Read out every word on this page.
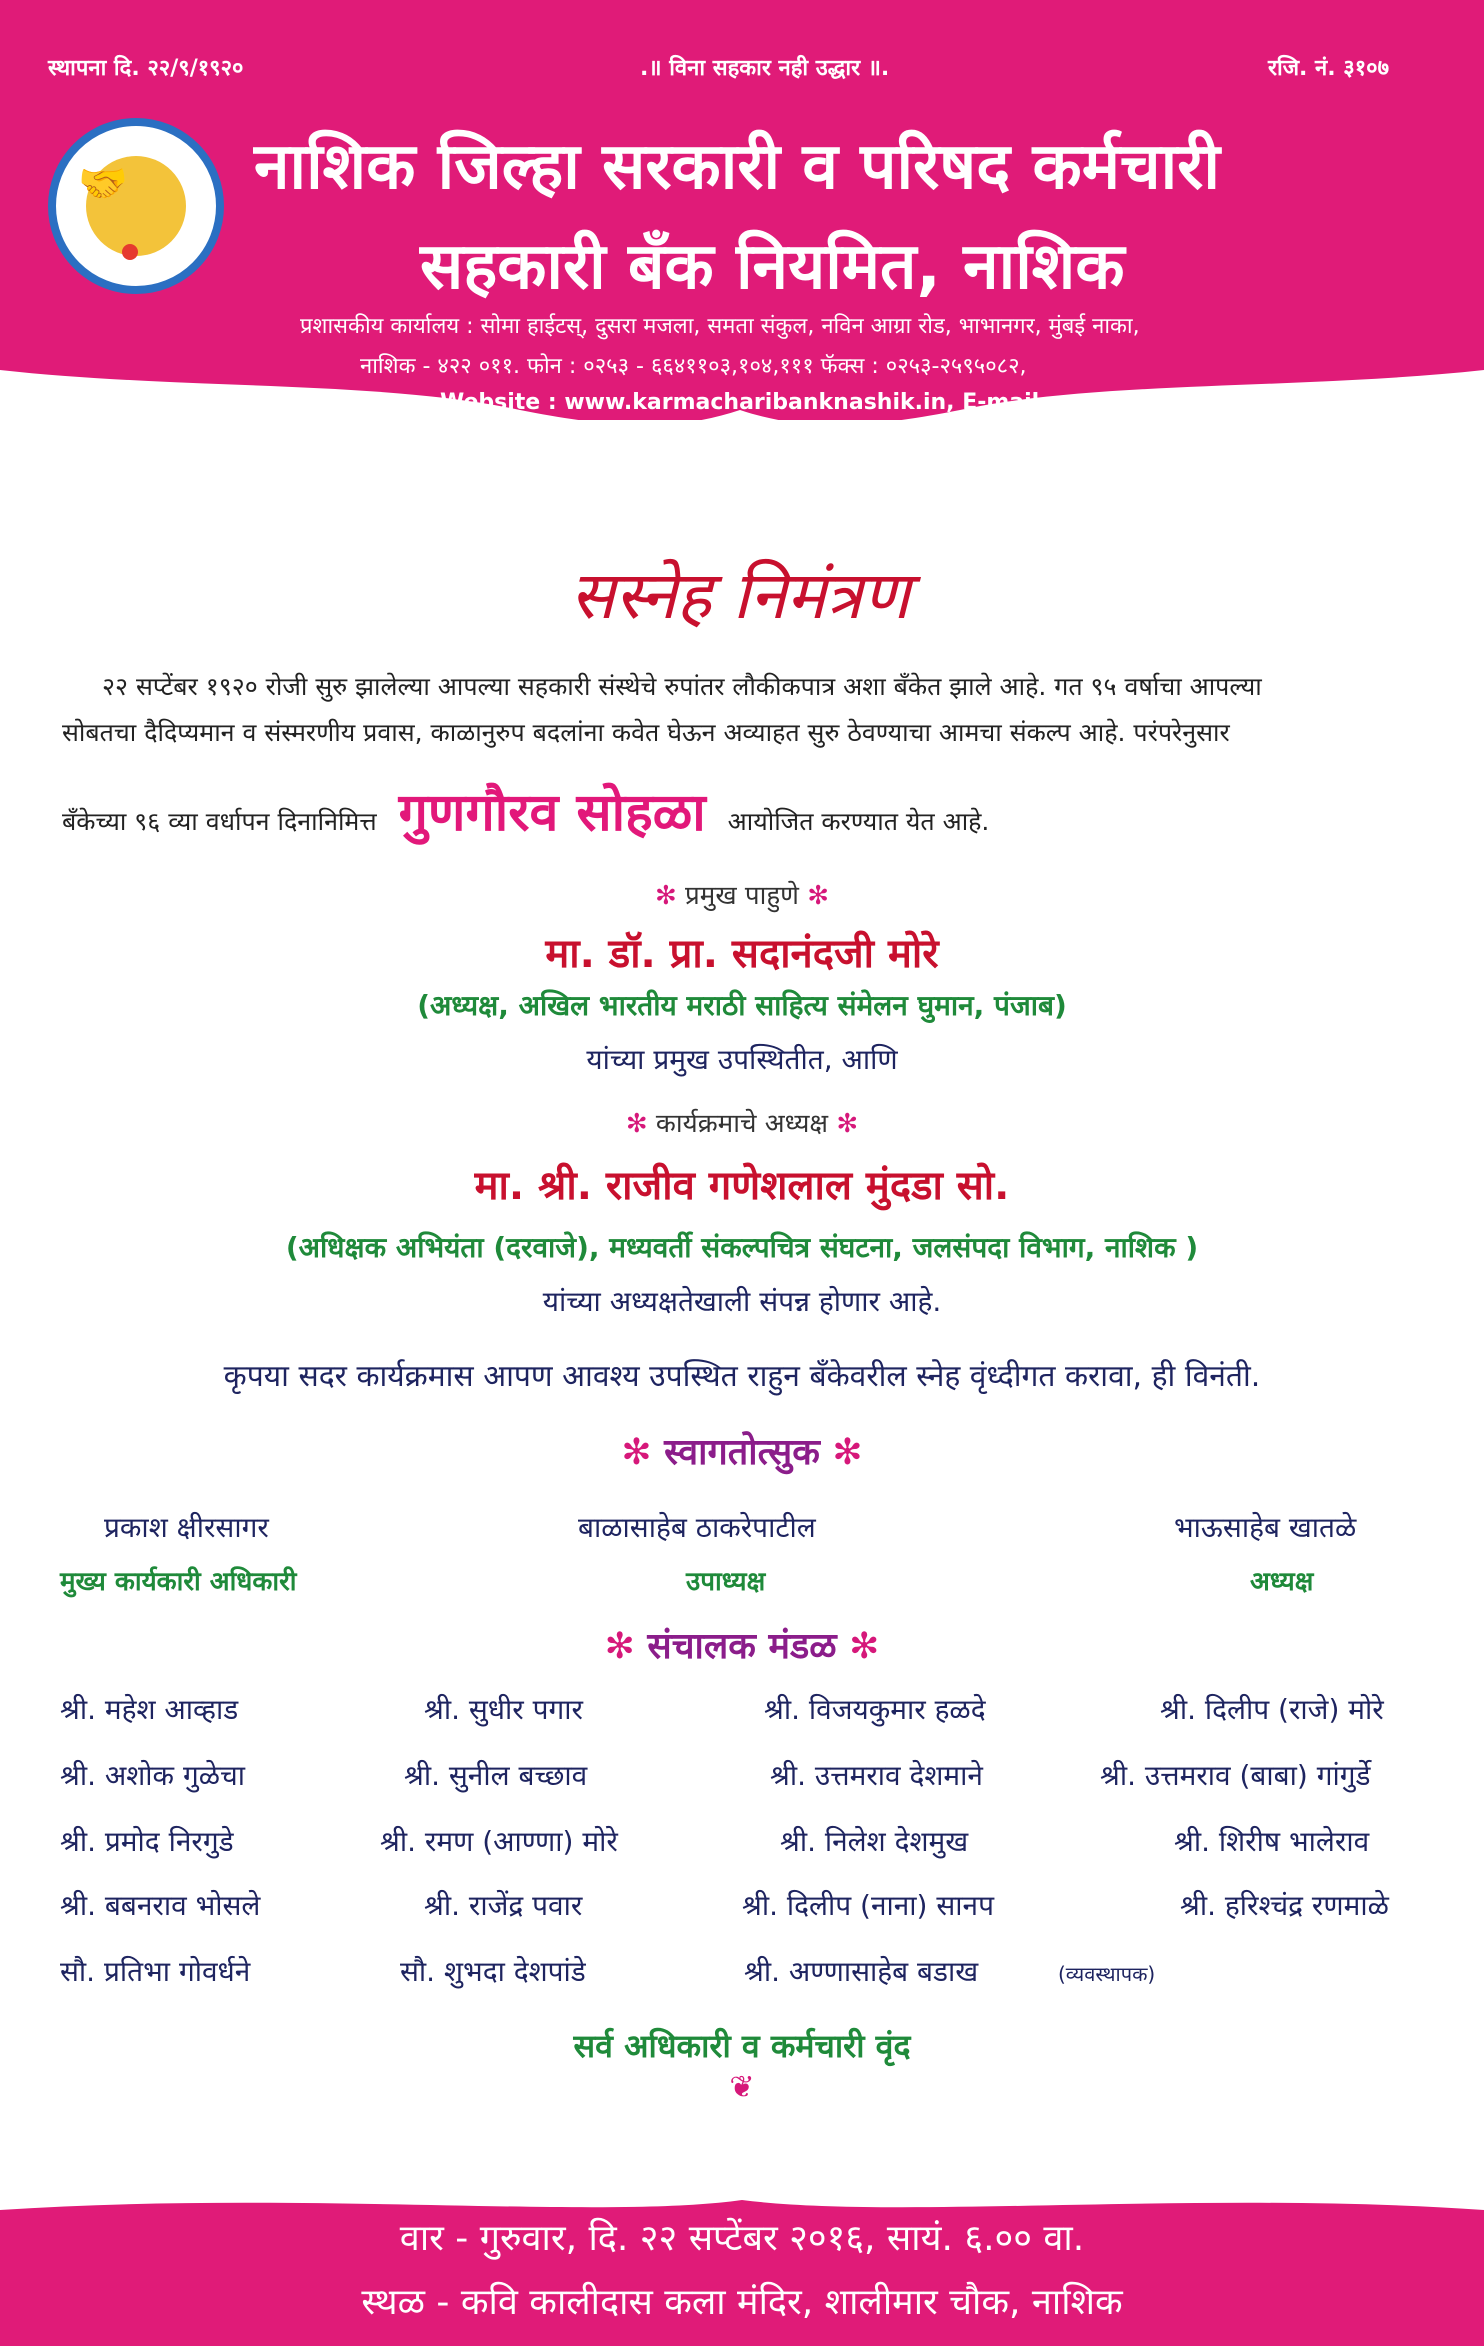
स्थापना दि. २२/९/१९२०	.॥ विना सहकार नही उद्धार ॥.	रजि. नं. ३१०७
🤝 नाशिक जिल्हा सरकारी व परिषद कर्मचारी
सहकारी बँक नियमित, नाशिक
प्रशासकीय कार्यालय : सोमा हाईटस्, दुसरा मजला, समता संकुल, नविन आग्रा रोड, भाभानगर, मुंबई नाका,
नाशिक - ४२२ ०११. फोन : ०२५३ - ६६४११०३,१०४,१११ फॅक्स : ०२५३-२५९५०८२,
Website : www.karmacharibanknashik.in, E-mail : nzspksbk@gmail.com
सस्नेह निमंत्रण
२२ सप्टेंबर १९२० रोजी सुरु झालेल्या आपल्या सहकारी संस्थेचे रुपांतर लौकीकपात्र अशा बँकेत झाले आहे. गत ९५ वर्षाचा आपल्या
सोबतचा दैदिप्यमान व संस्मरणीय प्रवास, काळानुरुप बदलांना कवेत घेऊन अव्याहत सुरु ठेवण्याचा आमचा संकल्प आहे. परंपरेनुसार
बँकेच्या ९६ व्या वर्धापन दिनानिमित्त गुणगौरव सोहळा आयोजित करण्यात येत आहे.
✻ प्रमुख पाहुणे ✻
मा. डॉ. प्रा. सदानंदजी मोरे
(अध्यक्ष, अखिल भारतीय मराठी साहित्य संमेलन घुमान, पंजाब)
यांच्या प्रमुख उपस्थितीत, आणि
✻ कार्यक्रमाचे अध्यक्ष ✻
मा. श्री. राजीव गणेशलाल मुंदडा सो.
(अधिक्षक अभियंता (दरवाजे), मध्यवर्ती संकल्पचित्र संघटना, जलसंपदा विभाग, नाशिक )
यांच्या अध्यक्षतेखाली संपन्न होणार आहे.
कृपया सदर कार्यक्रमास आपण आवश्य उपस्थित राहुन बँकेवरील स्नेह वृंध्दीगत करावा, ही विनंती.
✻ स्वागतोत्सुक ✻
प्रकाश क्षीरसागर
मुख्य कार्यकारी अधिकारी
बाळासाहेब ठाकरेपाटील
उपाध्यक्ष
भाऊसाहेब खातळे
अध्यक्ष
✻ संचालक मंडळ ✻
श्री. महेश आव्हाड	श्री. सुधीर पगार	श्री. विजयकुमार हळदे	श्री. दिलीप (राजे) मोरे
श्री. अशोक गुळेचा	श्री. सुनील बच्छाव	श्री. उत्तमराव देशमाने	श्री. उत्तमराव (बाबा) गांगुर्डे
श्री. प्रमोद निरगुडे	श्री. रमण (आण्णा) मोरे	श्री. निलेश देशमुख	श्री. शिरीष भालेराव
श्री. बबनराव भोसले	श्री. राजेंद्र पवार	श्री. दिलीप (नाना) सानप	श्री. हरिश्चंद्र रणमाळे
सौ. प्रतिभा गोवर्धने	सौ. शुभदा देशपांडे	श्री. अण्णासाहेब बडाख	(व्यवस्थापक)
सर्व अधिकारी व कर्मचारी वृंद
❦
वार - गुरुवार, दि. २२ सप्टेंबर २०१६, सायं. ६.०० वा.
स्थळ - कवि कालीदास कला मंदिर, शालीमार चौक, नाशिक
